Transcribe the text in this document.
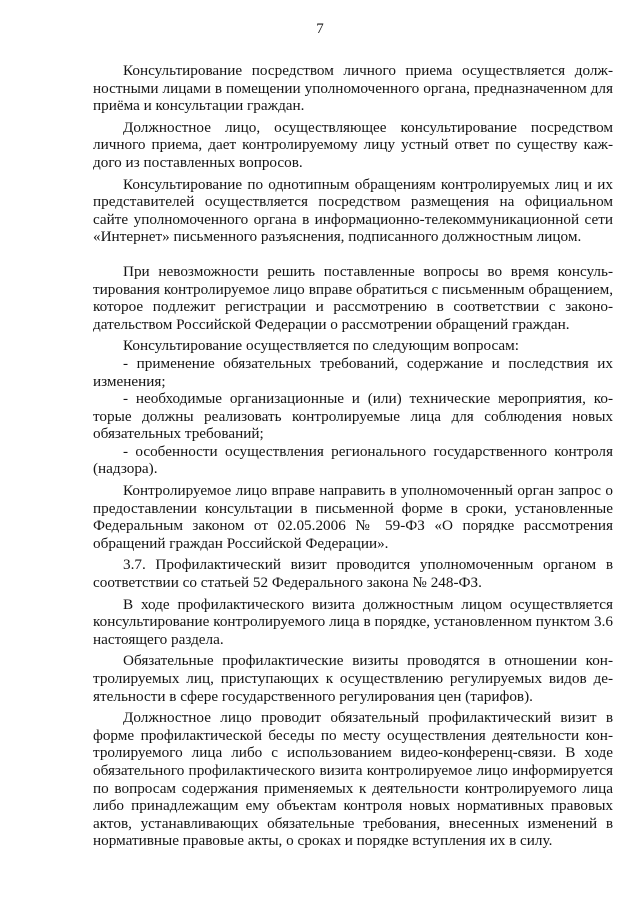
7

Консультирование посредством личного приема осуществляется должностными лицами в помещении уполномоченного органа, предназначенном для приёма и консультации граждан.

Должностное лицо, осуществляющее консультирование посредством личного приема, дает контролируемому лицу устный ответ по существу каждого из поставленных вопросов.

Консультирование по однотипным обращениям контролируемых лиц и их представителей осуществляется посредством размещения на официальном сайте уполномоченного органа в информационно-телекоммуникационной сети «Интернет» письменного разъяснения, подписанного должностным лицом.

При невозможности решить поставленные вопросы во время консультирования контролируемое лицо вправе обратиться с письменным обращением, которое подлежит регистрации и рассмотрению в соответствии с законодательством Российской Федерации о рассмотрении обращений граждан.

Консультирование осуществляется по следующим вопросам:

- применение обязательных требований, содержание и последствия их изменения;

- необходимые организационные и (или) технические мероприятия, которые должны реализовать контролируемые лица для соблюдения новых обязательных требований;

- особенности осуществления регионального государственного контроля (надзора).

Контролируемое лицо вправе направить в уполномоченный орган запрос о предоставлении консультации в письменной форме в сроки, установленные Федеральным законом от 02.05.2006 № 59-ФЗ «О порядке рассмотрения обращений граждан Российской Федерации».

3.7. Профилактический визит проводится уполномоченным органом в соответствии со статьей 52 Федерального закона № 248-ФЗ.

В ходе профилактического визита должностным лицом осуществляется консультирование контролируемого лица в порядке, установленном пунктом 3.6 настоящего раздела.

Обязательные профилактические визиты проводятся в отношении контролируемых лиц, приступающих к осуществлению регулируемых видов деятельности в сфере государственного регулирования цен (тарифов).

Должностное лицо проводит обязательный профилактический визит в форме профилактической беседы по месту осуществления деятельности контролируемого лица либо с использованием видео-конференц-связи. В ходе обязательного профилактического визита контролируемое лицо информируется по вопросам содержания применяемых к деятельности контролируемого лица либо принадлежащим ему объектам контроля новых нормативных правовых актов, устанавливающих обязательные требования, внесенных изменений в нормативные правовые акты, о сроках и порядке вступления их в силу.
